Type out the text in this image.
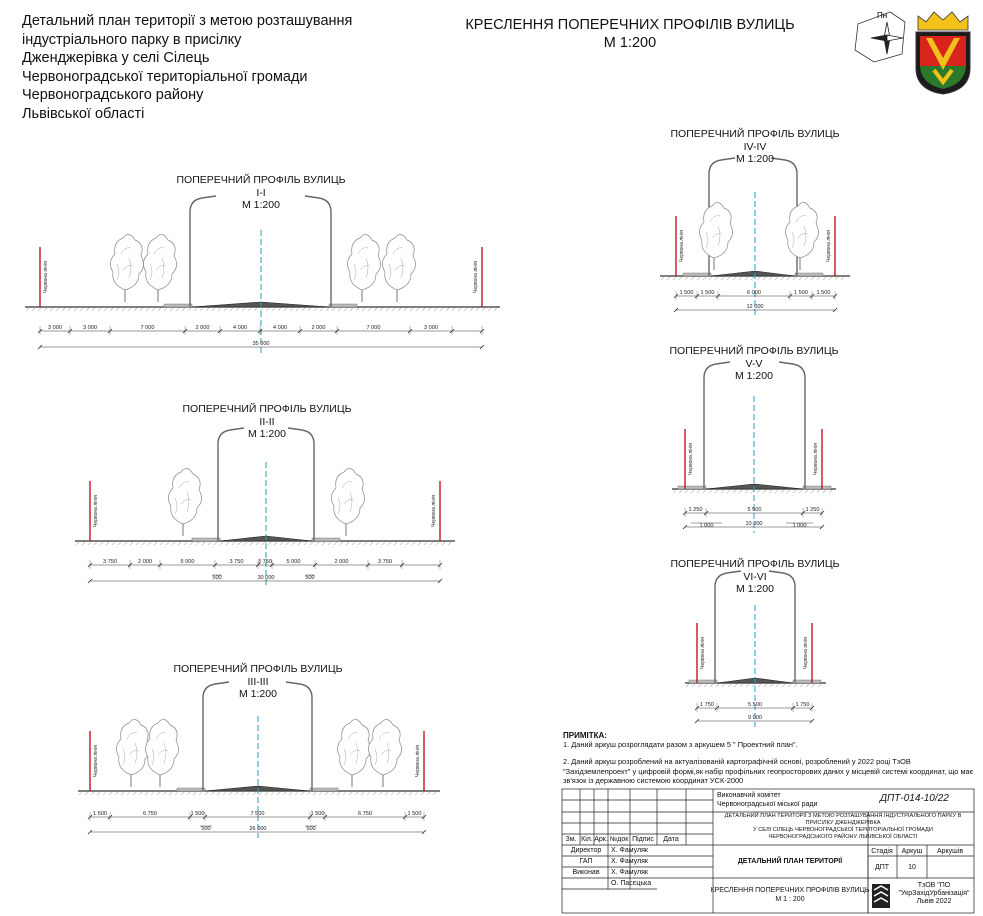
Детальний план території з метою розташування
індустріального парку в присілку
Дженджерівка у селі Сілець
Червоноградської територіальної громади
Червоноградського району
Львівської області
КРЕСЛЕННЯ ПОПЕРЕЧНИХ ПРОФІЛІВ ВУЛИЦЬ
М 1:200
Пн
Червона лінія	Червона лінія
3 000	3 000	7 000	2 000	4 000	4 000	2 000	7 000	3 000
35 000
Червона лінія	Червона лінія
3 750	2 000	5 000	3 750	3 750	5 000	2 000	3 750
500	500
30 000
Червона лінія	Червона лінія
1 500	6 750	1 500	7 500	1 500	6 750	1 500
500	500
26 000
Червона лінія	Червона лінія
1 500 1 500	6 000	1 500 1 500
12 000
Червона лінія	Червона лінія
1 250	5 500	1 250
1 000	1 000
10 000
Червона лінія	Червона лінія
1 750	5 500	1 750
9 000
ПОПЕРЕЧНИЙ ПРОФІЛЬ ВУЛИЦЬ
I-I
М 1:200
ПОПЕРЕЧНИЙ ПРОФІЛЬ ВУЛИЦЬ
II-II
М 1:200
ПОПЕРЕЧНИЙ ПРОФІЛЬ ВУЛИЦЬ
III-III
М 1:200
ПОПЕРЕЧНИЙ ПРОФІЛЬ ВУЛИЦЬ
IV-IV
М 1:200
ПОПЕРЕЧНИЙ ПРОФІЛЬ ВУЛИЦЬ
V-V
М 1:200
ПОПЕРЕЧНИЙ ПРОФІЛЬ ВУЛИЦЬ
VI-VI
М 1:200
ПРИМІТКА:

1. Даний аркуш розроглядати разом з аркушем 5 " Проектний план".

2. Даний аркуш розроблений на актуалізованій картографічній основі, розроблений у 2022 році ТзОВ "Західземлепроект" у цифровій формі,як набір профільних геопросторових даних у місцевій системі координат, що має зв'язок із державною системою координат УСК-2000

Виконавчий комітет
Червоноградської міської ради
ДПТ-014-10/22
ДЕТАЛЬНИЙ ПЛАН ТЕРИТОРІЇ З МЕТОЮ РОЗТАШУВАННЯ ІНДУСТРІАЛЬНОГО ПАРКУ В
ПРИСІЛКУ ДЖЕНДЖЕРІВКА
У СЕЛІ СІЛЕЦЬ ЧЕРВОНОГРАДСЬКОЇ ТЕРИТОРІАЛЬНОЇ ГРОМАДИ
ЧЕРВОНОГРАДСЬКОГО РАЙОНУ ЛЬВІВСЬКОЇ ОБЛАСТІ
Зм. Кіл. Арк. №док Підпис Дата
Директор Х. Фамуляк
ГАП	Х. Фамуляк
Виконав Х. Фамуляк
О. Пасєцька
ДЕТАЛЬНИЙ ПЛАН ТЕРИТОРІЇ
Стадія Аркуш Аркушів
ДПТ	10
КРЕСЛЕННЯ ПОПЕРЕЧНИХ ПРОФІЛІВ ВУЛИЦЬ
М 1 : 200
ТзОВ "ПО
"УкрЗахідУрбанізація"
Львів 2022
